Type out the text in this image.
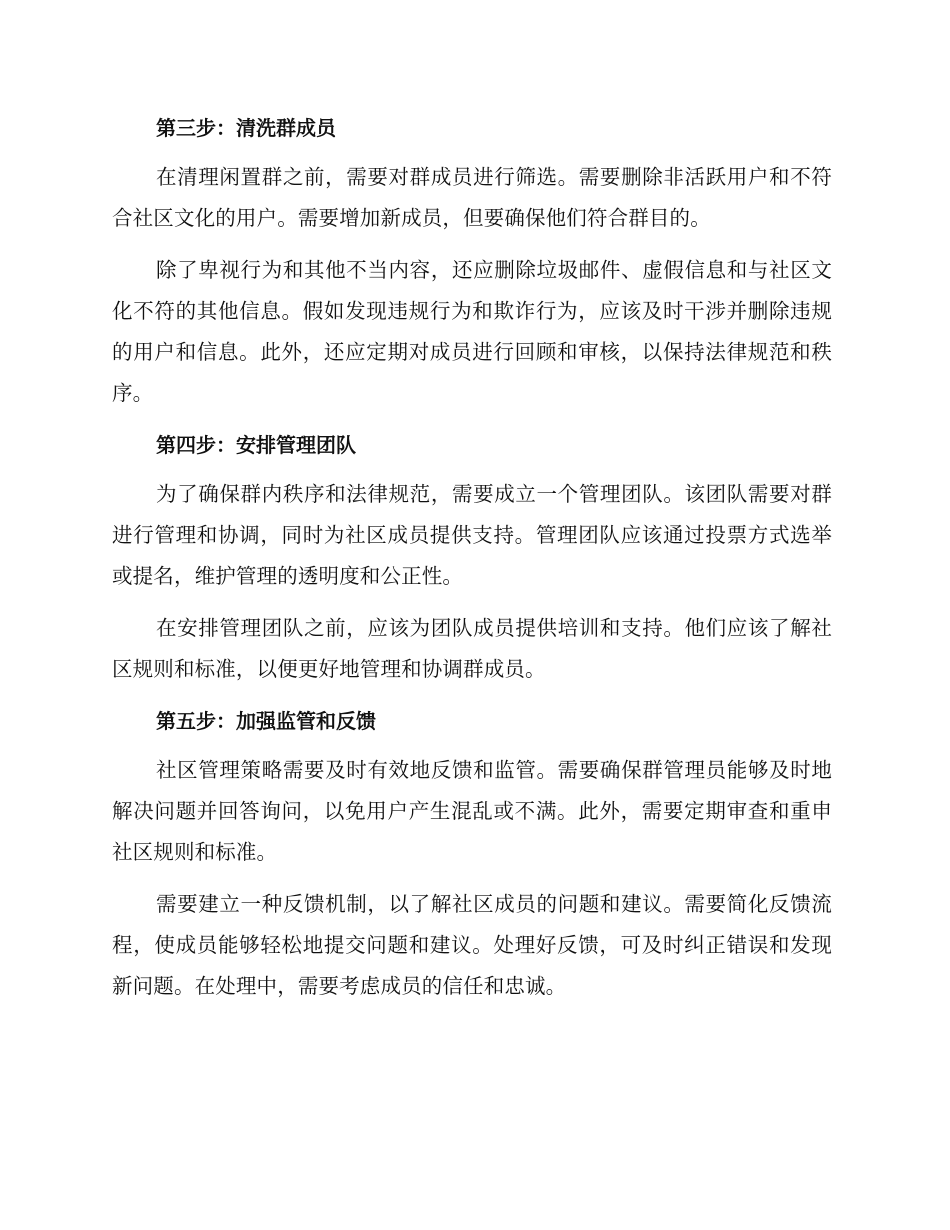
第三步：清洗群成员

在清理闲置群之前，需要对群成员进行筛选。需要删除非活跃用户和不符合社区文化的用户。需要增加新成员，但要确保他们符合群目的。

除了卑视行为和其他不当内容，还应删除垃圾邮件、虚假信息和与社区文化不符的其他信息。假如发现违规行为和欺诈行为，应该及时干涉并删除违规的用户和信息。此外，还应定期对成员进行回顾和审核，以保持法律规范和秩序。

第四步：安排管理团队

为了确保群内秩序和法律规范，需要成立一个管理团队。该团队需要对群进行管理和协调，同时为社区成员提供支持。管理团队应该通过投票方式选举或提名，维护管理的透明度和公正性。

在安排管理团队之前，应该为团队成员提供培训和支持。他们应该了解社区规则和标准，以便更好地管理和协调群成员。

第五步：加强监管和反馈

社区管理策略需要及时有效地反馈和监管。需要确保群管理员能够及时地解决问题并回答询问，以免用户产生混乱或不满。此外，需要定期审查和重申社区规则和标准。

需要建立一种反馈机制，以了解社区成员的问题和建议。需要简化反馈流程，使成员能够轻松地提交问题和建议。处理好反馈，可及时纠正错误和发现新问题。在处理中，需要考虑成员的信任和忠诚。
